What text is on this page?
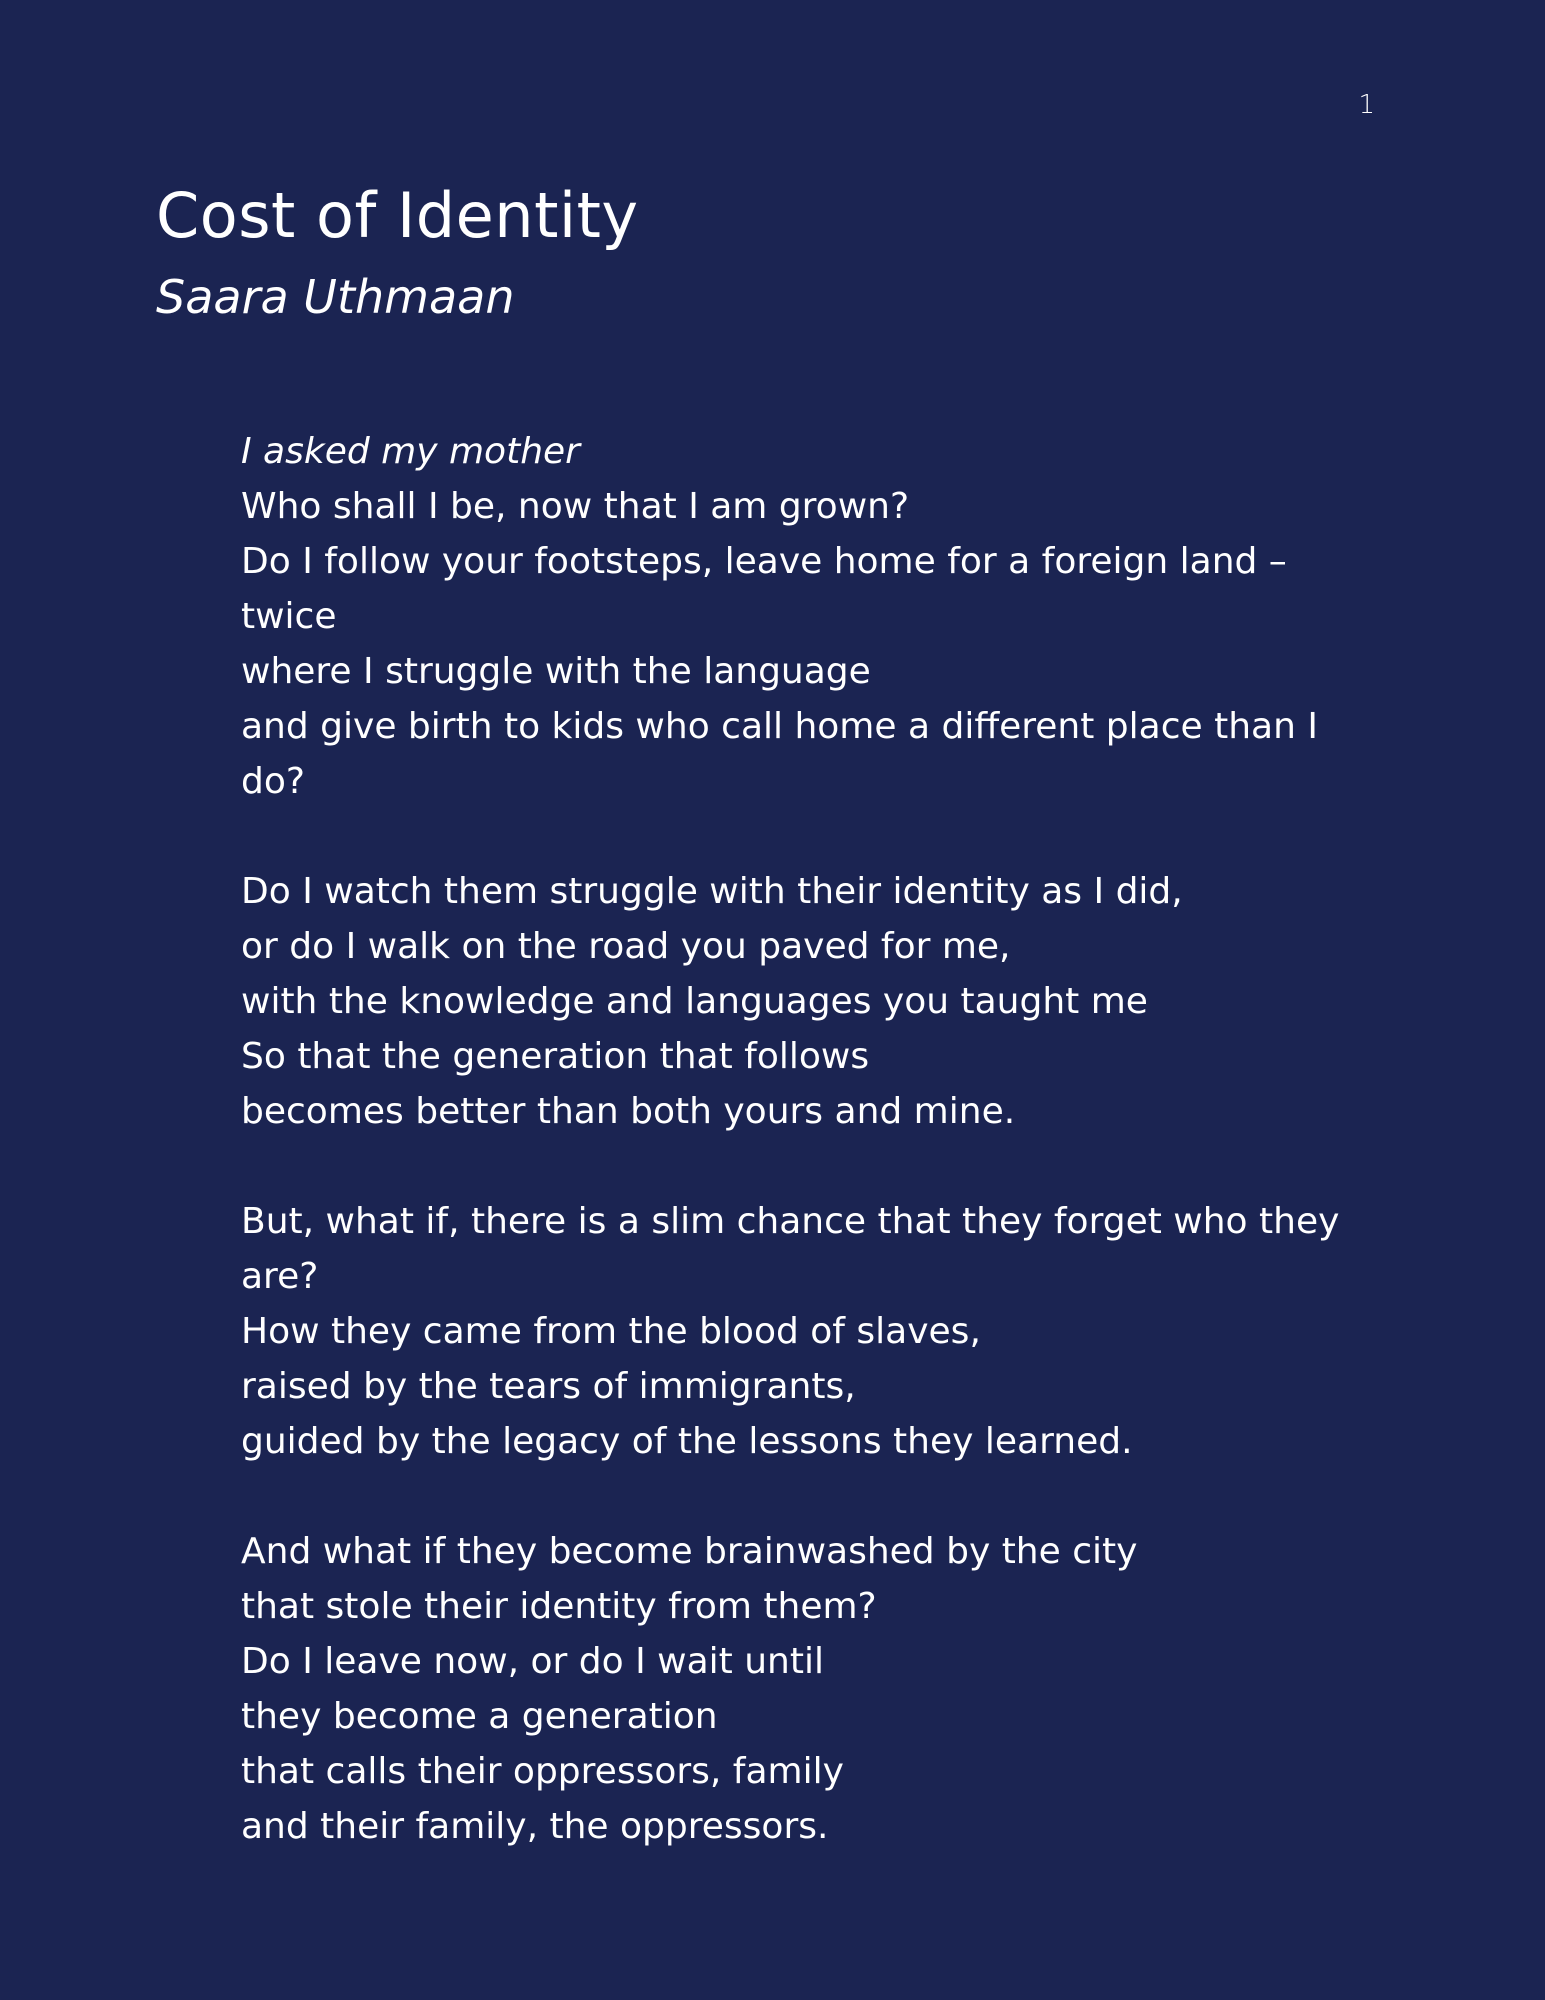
1
Cost of Identity
Saara Uthmaan
I asked my mother
Who shall I be, now that I am grown?
Do I follow your footsteps, leave home for a foreign land –
twice
where I struggle with the language
and give birth to kids who call home a different place than I
do?
Do I watch them struggle with their identity as I did,
or do I walk on the road you paved for me,
with the knowledge and languages you taught me
So that the generation that follows
becomes better than both yours and mine.
But, what if, there is a slim chance that they forget who they
are?
How they came from the blood of slaves,
raised by the tears of immigrants,
guided by the legacy of the lessons they learned.
And what if they become brainwashed by the city
that stole their identity from them?
Do I leave now, or do I wait until
they become a generation
that calls their oppressors, family
and their family, the oppressors.
